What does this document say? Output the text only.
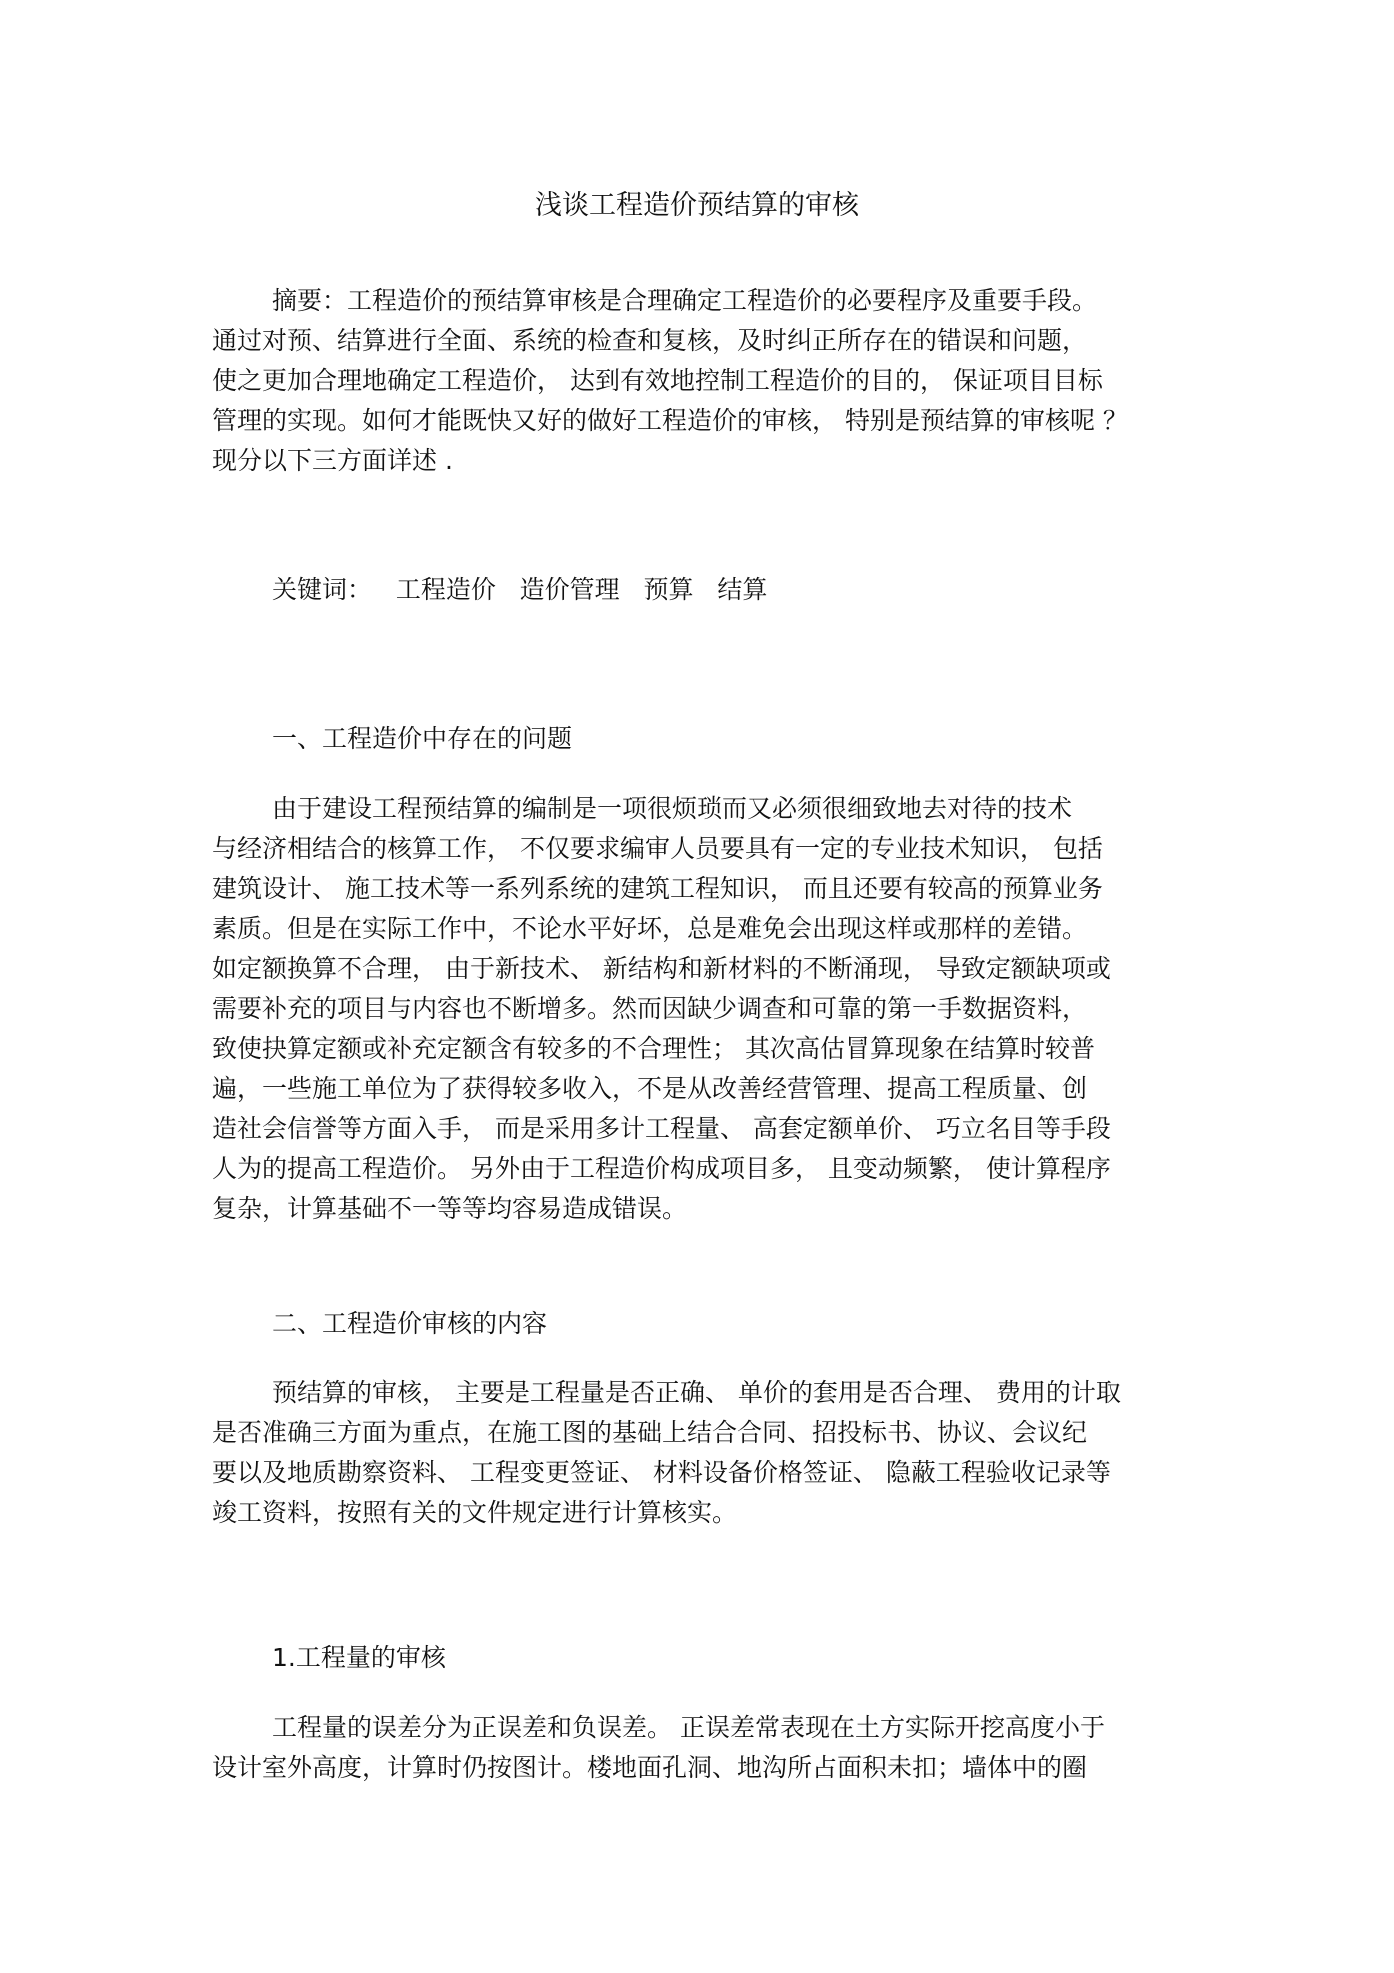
浅谈工程造价预结算的审核
摘要：工程造价的预结算审核是合理确定工程造价的必要程序及重要手段。
通过对预、结算进行全面、系统的检查和复核，及时纠正所存在的错误和问题，
使之更加合理地确定工程造价， 达到有效地控制工程造价的目的， 保证项目目标
管理的实现。如何才能既快又好的做好工程造价的审核， 特别是预结算的审核呢 ？
现分以下三方面详述 .
关键词：   工程造价   造价管理   预算   结算
一、工程造价中存在的问题
由于建设工程预结算的编制是一项很烦琐而又必须很细致地去对待的技术
与经济相结合的核算工作， 不仅要求编审人员要具有一定的专业技术知识， 包括
建筑设计、 施工技术等一系列系统的建筑工程知识， 而且还要有较高的预算业务
素质。但是在实际工作中，不论水平好坏，总是难免会出现这样或那样的差错。
如定额换算不合理， 由于新技术、 新结构和新材料的不断涌现， 导致定额缺项或
需要补充的项目与内容也不断增多。然而因缺少调查和可靠的第一手数据资料，
致使抉算定额或补充定额含有较多的不合理性； 其次高估冒算现象在结算时较普
遍，一些施工单位为了获得较多收入，不是从改善经营管理、提高工程质量、创
造社会信誉等方面入手， 而是采用多计工程量、 高套定额单价、 巧立名目等手段
人为的提高工程造价。 另外由于工程造价构成项目多， 且变动频繁， 使计算程序
复杂，计算基础不一等等均容易造成错误。
二、工程造价审核的内容
预结算的审核， 主要是工程量是否正确、 单价的套用是否合理、 费用的计取
是否准确三方面为重点，在施工图的基础上结合合同、招投标书、协议、会议纪
要以及地质勘察资料、 工程变更签证、 材料设备价格签证、 隐蔽工程验收记录等
竣工资料，按照有关的文件规定进行计算核实。
1.工程量的审核
工程量的误差分为正误差和负误差。 正误差常表现在土方实际开挖高度小于
设计室外高度，计算时仍按图计。楼地面孔洞、地沟所占面积未扣；墙体中的圈
